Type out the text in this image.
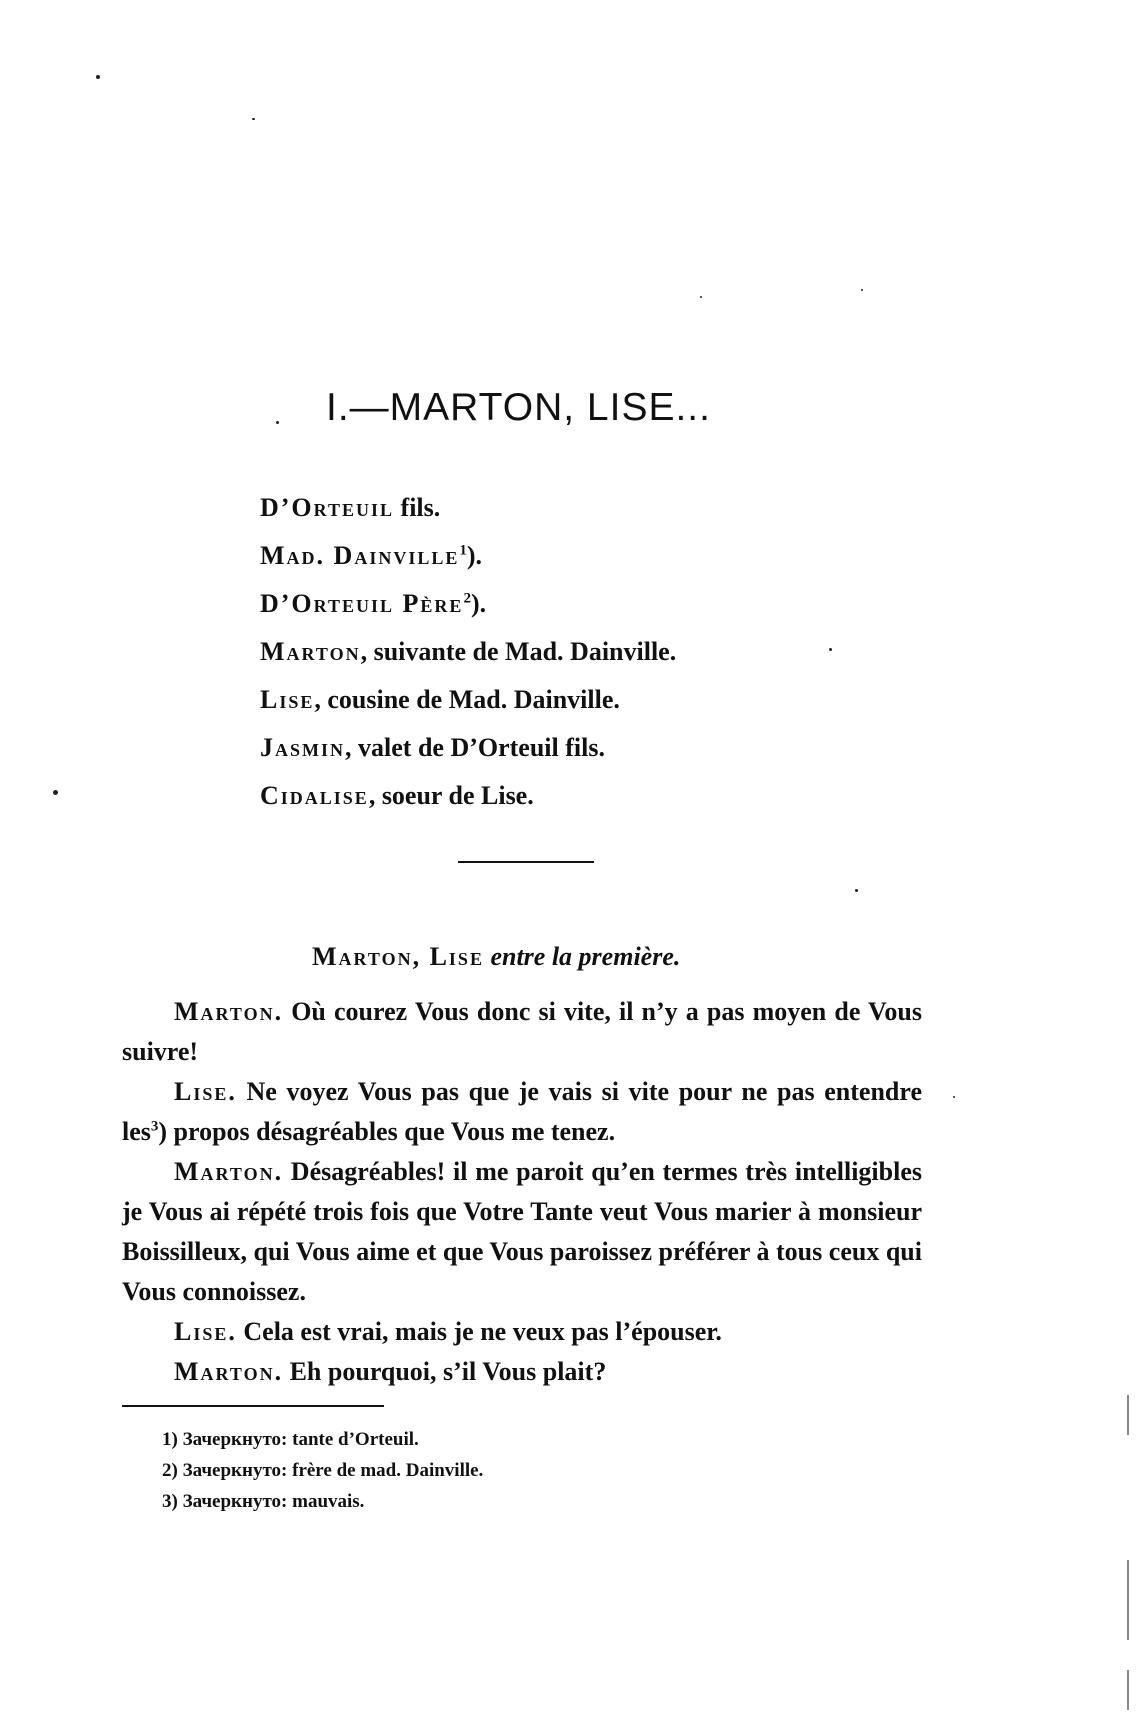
I.—MARTON, LISE...
D’Orteuil fils.
Mad. Dainville$^1$).
D’Orteuil Père$^2$).
Marton, suivante de Mad. Dainville.
Lise, cousine de Mad. Dainville.
Jasmin, valet de D’Orteuil fils.
Cidalise, soeur de Lise.
Marton, Lise entre la première.

Marton. Où courez Vous donc si vite, il n’y a pas moyen de Vous suivre!

Lise. Ne voyez Vous pas que je vais si vite pour ne pas entendre les$^3$) propos désagréables que Vous me tenez.

Marton. Désagréables! il me paroit qu’en termes très intelligibles je Vous ai répété trois fois que Votre Tante veut Vous marier à monsieur Boissilleux, qui Vous aime et que Vous paroissez préférer à tous ceux qui Vous connoissez.

Lise. Cela est vrai, mais je ne veux pas l’épouser.

Marton. Eh pourquoi, s’il Vous plait?

1) Зачеркнуто: tante d’Orteuil.
2) Зачеркнуто: frère de mad. Dainville.
3) Зачеркнуто: mauvais.
